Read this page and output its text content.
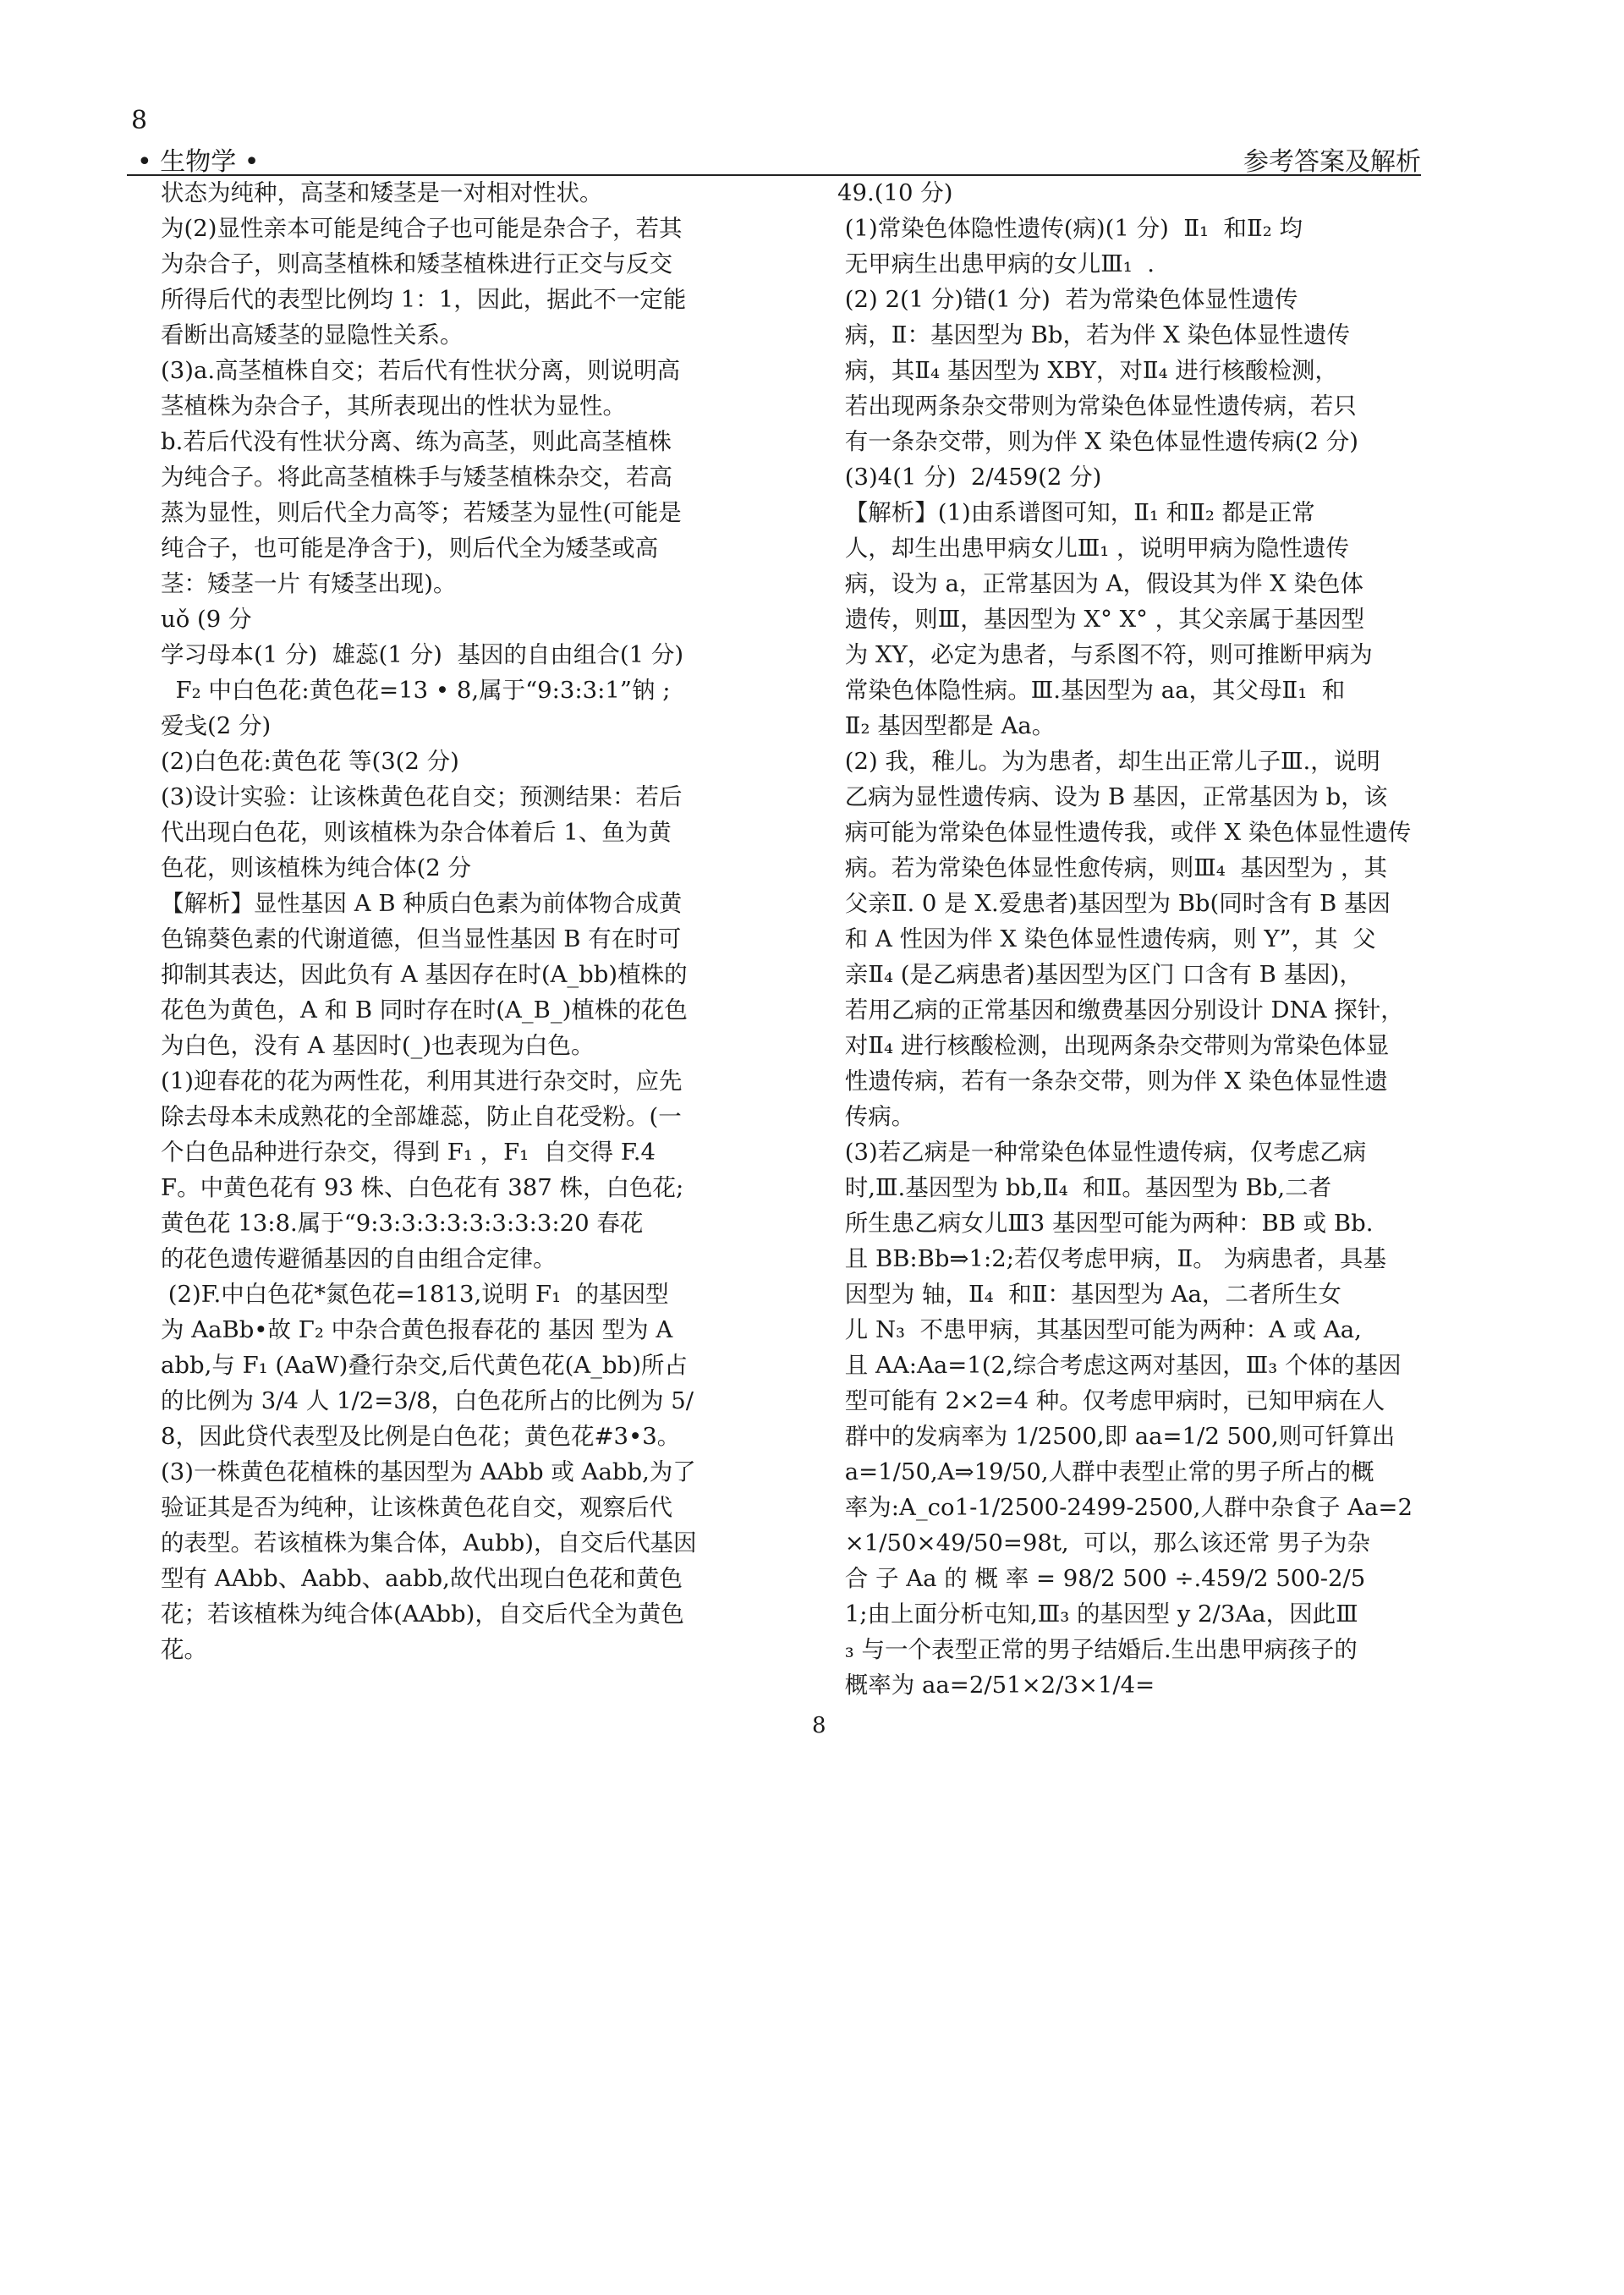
8
• 生物学 •	参考答案及解析

状态为纯种，高茎和矮茎是一对相对性状。

为(2)显性亲本可能是纯合子也可能是杂合子，若其

为杂合子，则高茎植株和矮茎植株进行正交与反交

所得后代的表型比例均 1：1，因此，据此不一定能

看断出高矮茎的显隐性关系。

(3)a.高茎植株自交；若后代有性状分离，则说明高

茎植株为杂合子，其所表现出的性状为显性。

b.若后代没有性状分离、练为高茎，则此高茎植株

为纯合子。将此高茎植株手与矮茎植株杂交，若高

蒸为显性，则后代全力高笭；若矮茎为显性(可能是

纯合子，也可能是净含于)，则后代全为矮茎或高

茎：矮茎一片 有矮茎出现)。

uǒ (9 分

学习母本(1 分)  雄蕊(1 分)  基因的自由组合(1 分)

F₂ 中白色花:黄色花=13 • 8,属于“9:3:3:1”钠 ;

爱戋(2 分)

(2)白色花:黄色花 等(3(2 分)

(3)设计实验：让该株黄色花自交；预测结果：若后

代出现白色花，则该植株为杂合体着后 1、鱼为黄

色花，则该植株为纯合体(2 分

【解析】显性基因 A B 种质白色素为前体物合成黄

色锦葵色素的代谢道德，但当显性基因 B 有在时可

抑制其表达，因此负有 A 基因存在时(A_bb)植株的

花色为黄色，A 和 B 同时存在时(A_B_)植株的花色

为白色，没有 A 基因时(_)也表现为白色。

(1)迎春花的花为两性花，利用其进行杂交时，应先

除去母本未成熟花的全部雄蕊，防止自花受粉。(一

个白色品种进行杂交，得到 F₁ ，F₁  自交得 F.4

F。中黄色花有 93 株、白色花有 387 株，白色花;

黄色花 13:8.属于“9:3:3:3:3:3:3:3:3:20 春花

的花色遗传避循基因的自由组合定律。

(2)F.中白色花*氮色花=1813,说明 F₁  的基因型

为 AaBb•故 Γ₂ 中杂合黄色报春花的 基因 型为 A

abb,与 F₁ (AaW)叠行杂交,后代黄色花(A_bb)所占

的比例为 3/4 人 1/2=3/8，白色花所占的比例为 5/

8，因此贷代表型及比例是白色花；黄色花#3•3。

(3)一株黄色花植株的基因型为 AAbb 或 Aabb,为了

验证其是否为纯种，让该株黄色花自交，观察后代

的表型。若该植株为集合体，Aubb)，自交后代基因

型有 AAbb、Aabb、aabb,故代出现白色花和黄色

花；若该植株为纯合体(AAbb)，自交后代全为黄色

花。

49.(10 分)

(1)常染色体隐性遗传(病)(1 分)  Ⅱ₁  和Ⅱ₂ 均

无甲病生出患甲病的女儿Ⅲ₁  .

(2) 2(1 分)错(1 分)  若为常染色体显性遗传

病，Ⅱ：基因型为 Bb，若为伴 X 染色体显性遗传

病，其Ⅱ₄ 基因型为 XBY，对Ⅱ₄ 进行核酸检测，

若出现两条杂交带则为常染色体显性遗传病，若只

有一条杂交带，则为伴 X 染色体显性遗传病(2 分)

(3)4(1 分)  2/459(2 分)

【解析】(1)由系谱图可知，Ⅱ₁ 和Ⅱ₂ 都是正常

人，却生出患甲病女儿Ⅲ₁ ，说明甲病为隐性遗传

病，设为 a，正常基因为 A，假设其为伴 X 染色体

遗传，则Ⅲ，基因型为 X° X° ，其父亲属于基因型

为 XY，必定为患者，与系图不符，则可推断甲病为

常染色体隐性病。Ⅲ.基因型为 aa，其父母Ⅱ₁  和

Ⅱ₂ 基因型都是 Aa。

(2) 我，稚儿。为为患者，却生出正常儿子Ⅲ.，说明

乙病为显性遗传病、设为 B 基因，正常基因为 b，该

病可能为常染色体显性遗传我，或伴 X 染色体显性遗传

病。若为常染色体显性愈传病，则Ⅲ₄  基因型为 ，其

父亲Ⅱ. 0 是 X.爱患者)基因型为 Bb(同时含有 B 基因

和 A 性因为伴 X 染色体显性遗传病，则 Y”，其  父

亲Ⅱ₄ (是乙病患者)基因型为区门 口含有 B 基因)，

若用乙病的正常基因和缴费基因分别设计 DNA 探针，

对Ⅱ₄ 进行核酸检测，出现两条杂交带则为常染色体显

性遗传病，若有一条杂交带，则为伴 X 染色体显性遗

传病。

(3)若乙病是一种常染色体显性遗传病，仅考虑乙病

时,Ⅲ.基因型为 bb,Ⅱ₄  和Ⅱ。基因型为 Bb,二者

所生患乙病女儿Ⅲ3 基因型可能为两种：BB 或 Bb.

且 BB:Bb⇒1:2;若仅考虑甲病，Ⅱ。 为病患者，具基

因型为 轴，Ⅱ₄  和Ⅱ：基因型为 Aa，二者所生女

儿 N₃  不患甲病，其基因型可能为两种：A 或 Aa,

且 AA:Aa=1(2,综合考虑这两对基因，Ⅲ₃ 个体的基因

型可能有 2×2=4 种。仅考虑甲病时，已知甲病在人

群中的发病率为 1/2500,即 aa=1/2 500,则可钎算出

a=1/50,A⇒19/50,人群中表型止常的男子所占的概

率为:A_co1-1/2500-2499-2500,人群中杂食子 Aa=2

×1/50×49/50=98t,  可以，那么该还常 男子为杂

合 子 Aa 的 概 率 = 98/2 500 ÷.459/2 500-2/5

1;由上面分析屯知,Ⅲ₃ 的基因型 y 2/3Aa，因此Ⅲ

₃ 与一个表型正常的男子结婚后.生出患甲病孩子的

概率为 aa=2/51×2/3×1/4=

8
